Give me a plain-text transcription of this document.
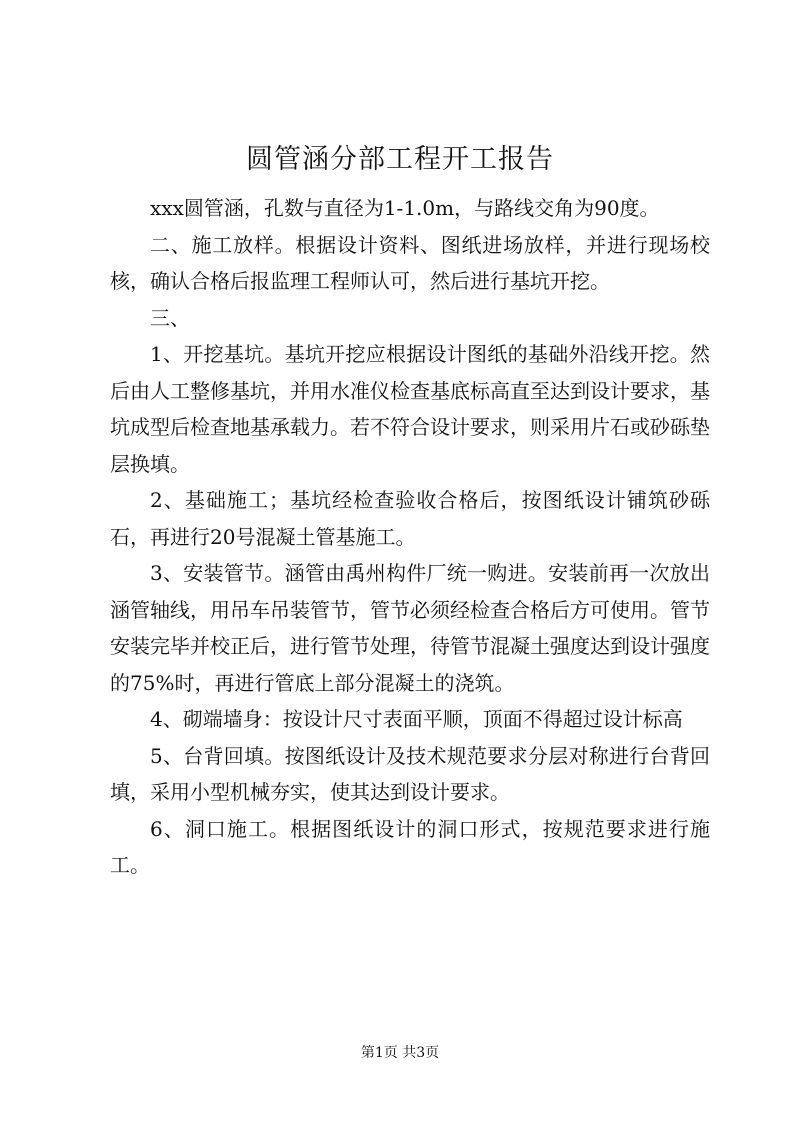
圆管涵分部工程开工报告

xxx圆管涵，孔数与直径为1-1.0m，与路线交角为90度。

二、施工放样。根据设计资料、图纸进场放样，并进行现场校核，确认合格后报监理工程师认可，然后进行基坑开挖。

三、

1、开挖基坑。基坑开挖应根据设计图纸的基础外沿线开挖。然后由人工整修基坑，并用水准仪检查基底标高直至达到设计要求，基坑成型后检查地基承载力。若不符合设计要求，则采用片石或砂砾垫层换填。

2、基础施工；基坑经检查验收合格后，按图纸设计铺筑砂砾石，再进行20号混凝土管基施工。

3、安装管节。涵管由禹州构件厂统一购进。安装前再一次放出涵管轴线，用吊车吊装管节，管节必须经检查合格后方可使用。管节安装完毕并校正后，进行管节处理，待管节混凝土强度达到设计强度的75%时，再进行管底上部分混凝土的浇筑。

4、砌端墙身：按设计尺寸表面平顺，顶面不得超过设计标高

5、台背回填。按图纸设计及技术规范要求分层对称进行台背回填，采用小型机械夯实，使其达到设计要求。

6、洞口施工。根据图纸设计的洞口形式，按规范要求进行施工。

第1页 共3页
